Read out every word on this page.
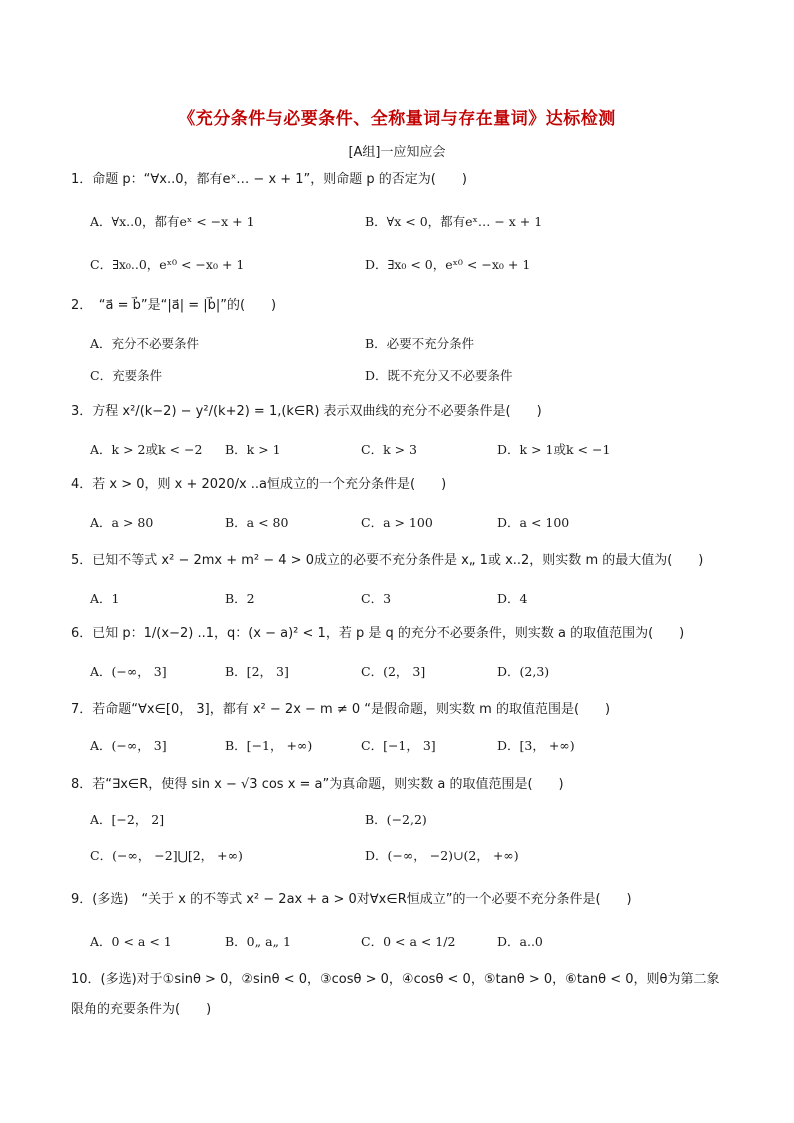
《充分条件与必要条件、全称量词与存在量词》达标检测
[A组]一应知应会
1．命题 p：“∀x..0，都有eˣ… − x + 1”，则命题 p 的否定为(　　)
A．∀x..0，都有eˣ < −x + 1	B．∀x < 0，都有eˣ… − x + 1
C．∃x₀..0，eˣ⁰ < −x₀ + 1	D．∃x₀ < 0，eˣ⁰ < −x₀ + 1
2．　“a⃗ = b⃗”是“|a⃗| = |b⃗|”的(　　)
A．充分不必要条件	B．必要不充分条件
C．充要条件	D．既不充分又不必要条件
3．方程 x²/(k−2) − y²/(k+2) = 1,(k∈R) 表示双曲线的充分不必要条件是(　　)
A．k > 2或k < −2 B．k > 1	C．k > 3	D．k > 1或k < −1
4．若 x > 0，则 x + 2020/x ..a恒成立的一个充分条件是(　　)
A．a > 80	B．a < 80	C．a > 100	D．a < 100
5．已知不等式 x² − 2mx + m² − 4 > 0成立的必要不充分条件是 x„ 1或 x..2，则实数 m 的最大值为(　　)
A．1	B．2	C．3	D．4
6．已知 p：1/(x−2) ..1，q：(x − a)² < 1，若 p 是 q 的充分不必要条件，则实数 a 的取值范围为(　　)
A．(−∞， 3]	B．[2， 3]	C．(2， 3]	D．(2,3)
7．若命题“∀x∈[0， 3]，都有 x² − 2x − m ≠ 0 “是假命题，则实数 m 的取值范围是(　　)
A．(−∞， 3]	B．[−1， +∞)	C．[−1， 3]	D．[3， +∞)
8．若“∃x∈R，使得 sin x − √3 cos x = a”为真命题，则实数 a 的取值范围是(　　)
A．[−2， 2]	B．(−2,2)
C．(−∞， −2]⋃[2， +∞)	D．(−∞， −2)∪(2， +∞)
9．(多选)　“关于 x 的不等式 x² − 2ax + a > 0对∀x∈R恒成立”的一个必要不充分条件是(　　)
A．0 < a < 1	B．0„ a„ 1	C．0 < a < 1/2	D．a..0
10．(多选)对于①sinθ > 0，②sinθ < 0，③cosθ > 0，④cosθ < 0，⑤tanθ > 0，⑥tanθ < 0，则θ为第二象限角的充要条件为(　　)
